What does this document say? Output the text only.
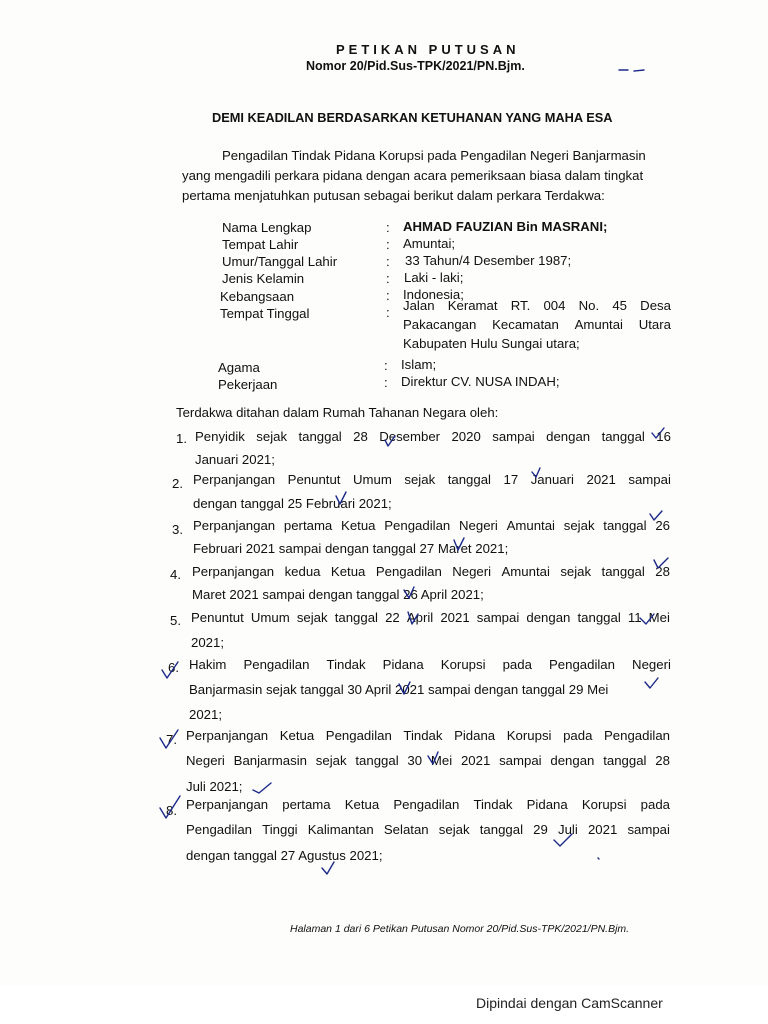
PETIKAN PUTUSAN
Nomor 20/Pid.Sus-TPK/2021/PN.Bjm.
DEMI KEADILAN BERDASARKAN KETUHANAN YANG MAHA ESA
Pengadilan Tindak Pidana Korupsi pada Pengadilan Negeri Banjarmasin
yang mengadili perkara pidana dengan acara pemeriksaan biasa dalam tingkat
pertama menjatuhkan putusan sebagai berikut dalam perkara Terdakwa:
Nama Lengkap	: AHMAD FAUZIAN Bin MASRANI;
Tempat Lahir	: Amuntai;
Umur/Tanggal Lahir	: 33 Tahun/4 Desember 1987;
Jenis Kelamin	: Laki - laki;
Kebangsaan	: Indonesia;
Tempat Tinggal	: Jalan Keramat RT. 004 No. 45 Desa
Pakacangan Kecamatan Amuntai Utara
Kabupaten Hulu Sungai utara;
Agama	: Islam;
Pekerjaan	: Direktur CV. NUSA INDAH;
Terdakwa ditahan dalam Rumah Tahanan Negara oleh:
1. Penyidik sejak tanggal 28 Desember 2020 sampai dengan tanggal 16
Januari 2021;
2. Perpanjangan Penuntut Umum sejak tanggal 17 Januari 2021 sampai
dengan tanggal 25 Februari 2021;
3. Perpanjangan pertama Ketua Pengadilan Negeri Amuntai sejak tanggal 26
Februari 2021 sampai dengan tanggal 27 Maret 2021;
4. Perpanjangan kedua Ketua Pengadilan Negeri Amuntai sejak tanggal 28
Maret 2021 sampai dengan tanggal 26 April 2021;
5. Penuntut Umum sejak tanggal 22 April 2021 sampai dengan tanggal 11 Mei
2021;
6. Hakim Pengadilan Tindak Pidana Korupsi pada Pengadilan Negeri
Banjarmasin sejak tanggal 30 April 2021 sampai dengan tanggal 29 Mei
2021;
7. Perpanjangan Ketua Pengadilan Tindak Pidana Korupsi pada Pengadilan
Negeri Banjarmasin sejak tanggal 30 Mei 2021 sampai dengan tanggal 28
Juli 2021;
8. Perpanjangan pertama Ketua Pengadilan Tindak Pidana Korupsi pada
Pengadilan Tinggi Kalimantan Selatan sejak tanggal 29 Juli 2021 sampai
dengan tanggal 27 Agustus 2021;
Halaman 1 dari 6 Petikan Putusan Nomor 20/Pid.Sus-TPK/2021/PN.Bjm.
Dipindai dengan CamScanner
